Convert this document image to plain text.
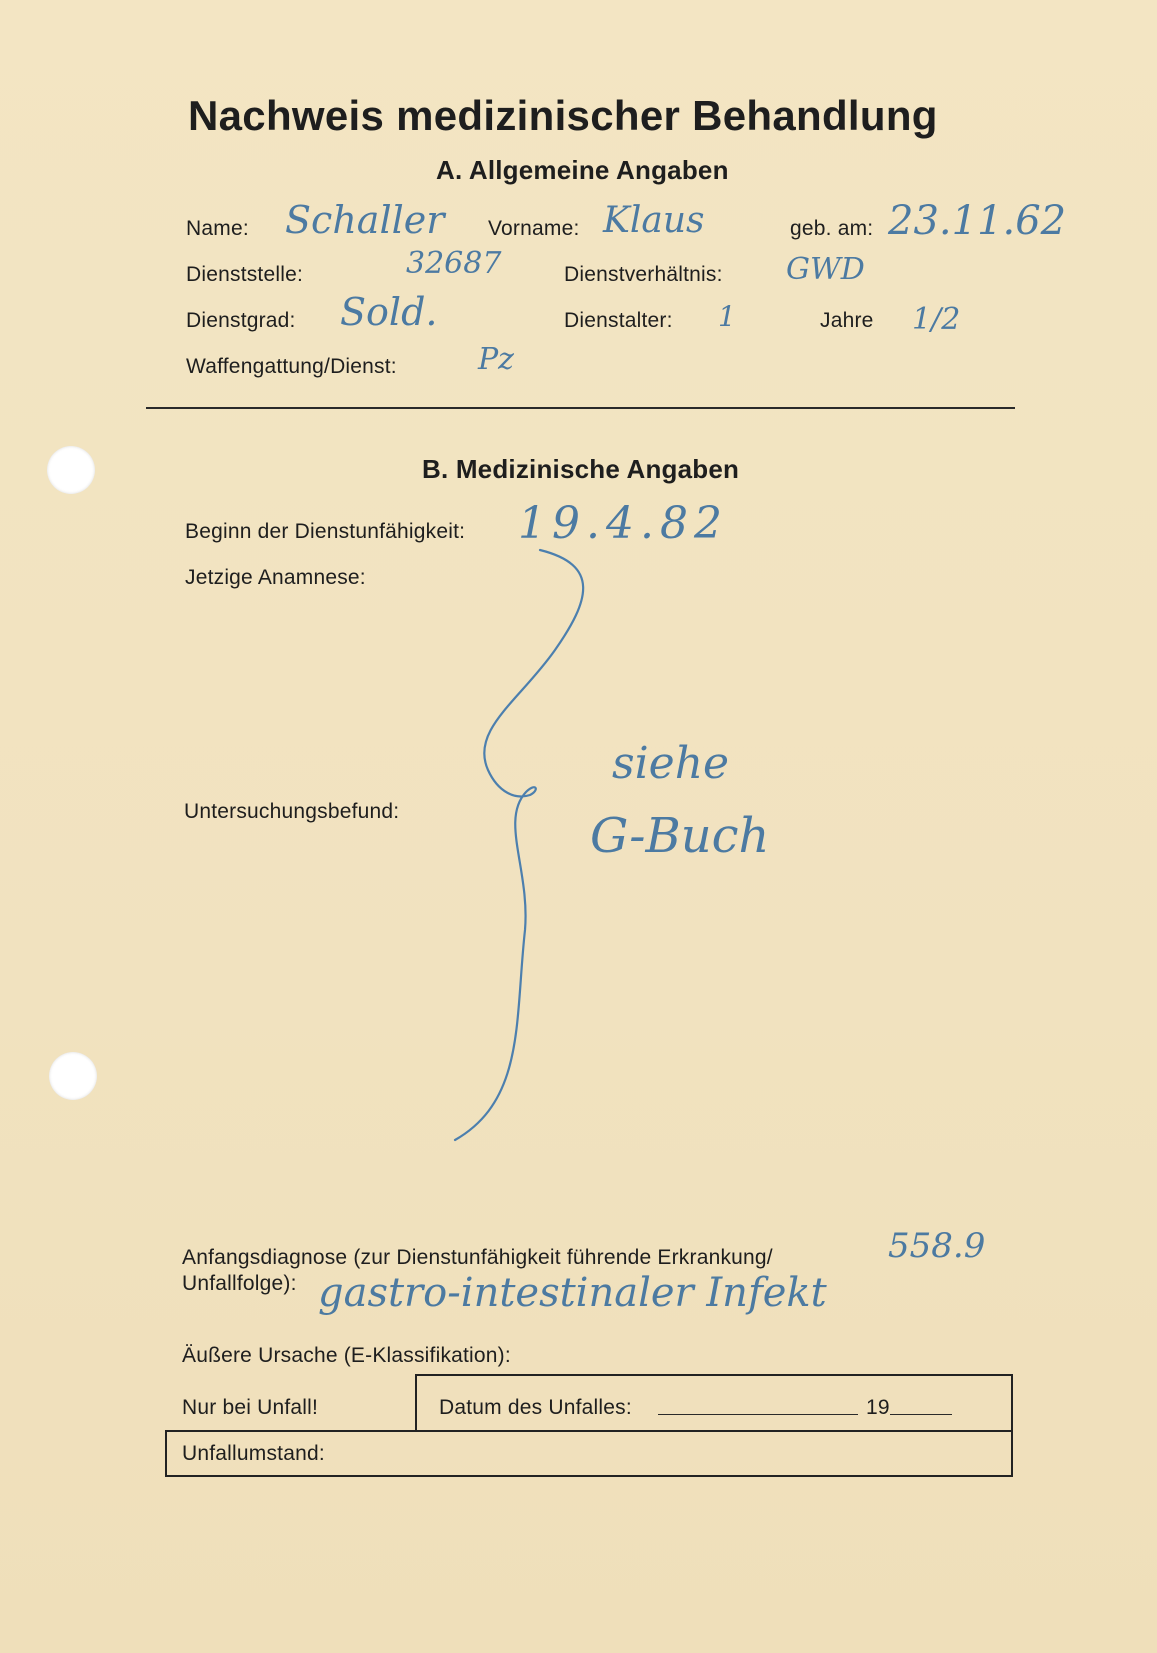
Nachweis medizinischer Behandlung
A. Allgemeine Angaben
Name: Schaller Vorname: Klaus	geb. am: 23.11.62
Dienststelle:	32687	Dienstverhältnis: GWD
Dienstgrad: Sold.	Dienstalter: 1	Jahre 1/2
Waffengattung/Dienst:	Pz
B. Medizinische Angaben
Beginn der Dienstunfähigkeit: 19.4.82
Jetzige Anamnese:
Untersuchungsbefund:
siehe
G-Buch
Anfangsdiagnose (zur Dienstunfähigkeit führende Erkrankung/
Unfallfolge):
558.9
gastro-intestinaler Infekt
Äußere Ursache (E-Klassifikation):
Nur bei Unfall!	Datum des Unfalles:	19
Unfallumstand:
